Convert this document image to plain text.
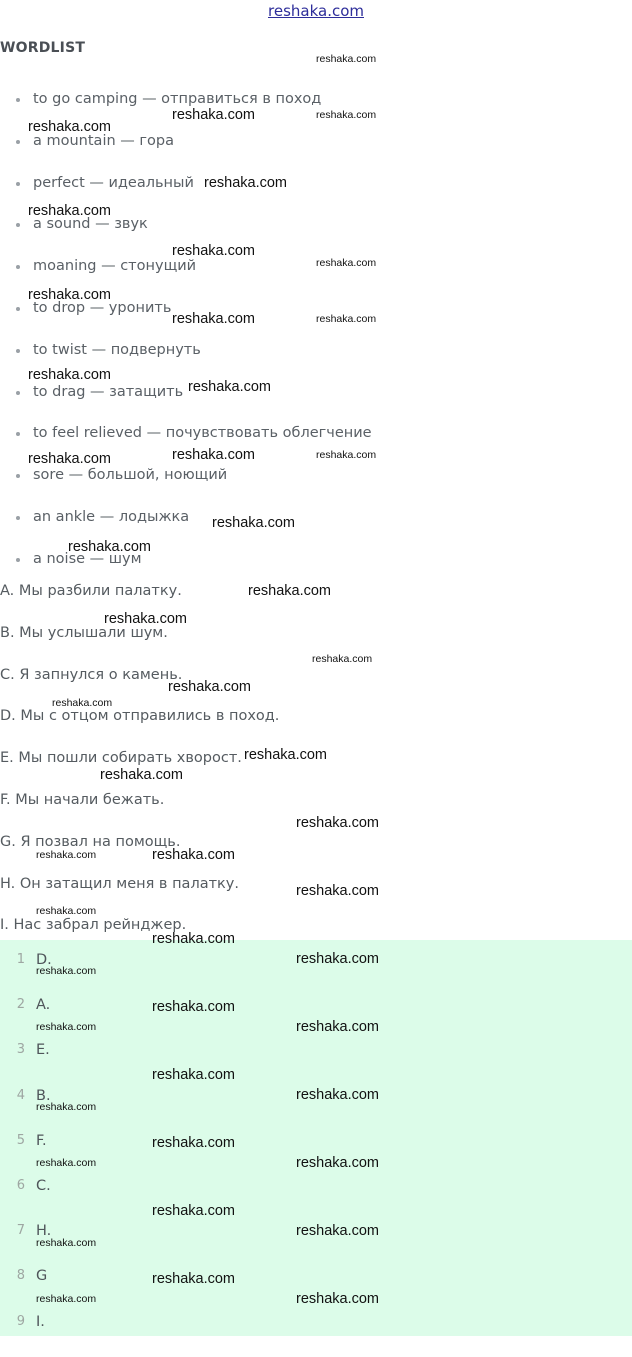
reshaka.com
WORDLIST
to go camping — отправиться в поход
a mountain — гора
perfect — идеальный
a sound — звук
moaning — стонущий
to drop — уронить
to twist — подвернуть
to drag — затащить
to feel relieved — почувствовать облегчение
sore — большой, ноющий
an ankle — лодыжка
a noise — шум
A. Мы разбили палатку.
B. Мы услышали шум.
C. Я запнулся о камень.
D. Мы с отцом отправились в поход.
E. Мы пошли собирать хворост.
F. Мы начали бежать.
G. Я позвал на помощь.
H. Он затащил меня в палатку.
I. Нас забрал рейнджер.
1 D.
2 A.
3 E.
4 B.
5 F.
6 C.
7 H.
8 G
9 I.
reshaka.com
reshaka.com	reshaka.com
reshaka.com
reshaka.com
reshaka.com
reshaka.com
reshaka.com
reshaka.com
reshaka.com	reshaka.com
reshaka.com
reshaka.com
reshaka.com	reshaka.com
reshaka.com
reshaka.com
reshaka.com
reshaka.com
reshaka.com
reshaka.com
reshaka.com
reshaka.com
reshaka.com
reshaka.com
reshaka.com
reshaka.com	reshaka.com
reshaka.com
reshaka.com
reshaka.com
reshaka.com
reshaka.com
reshaka.com
reshaka.com
reshaka.com
reshaka.com
reshaka.com
reshaka.com
reshaka.com
reshaka.com
reshaka.com
reshaka.com
reshaka.com
reshaka.com
reshaka.com
reshaka.com
reshaka.com
